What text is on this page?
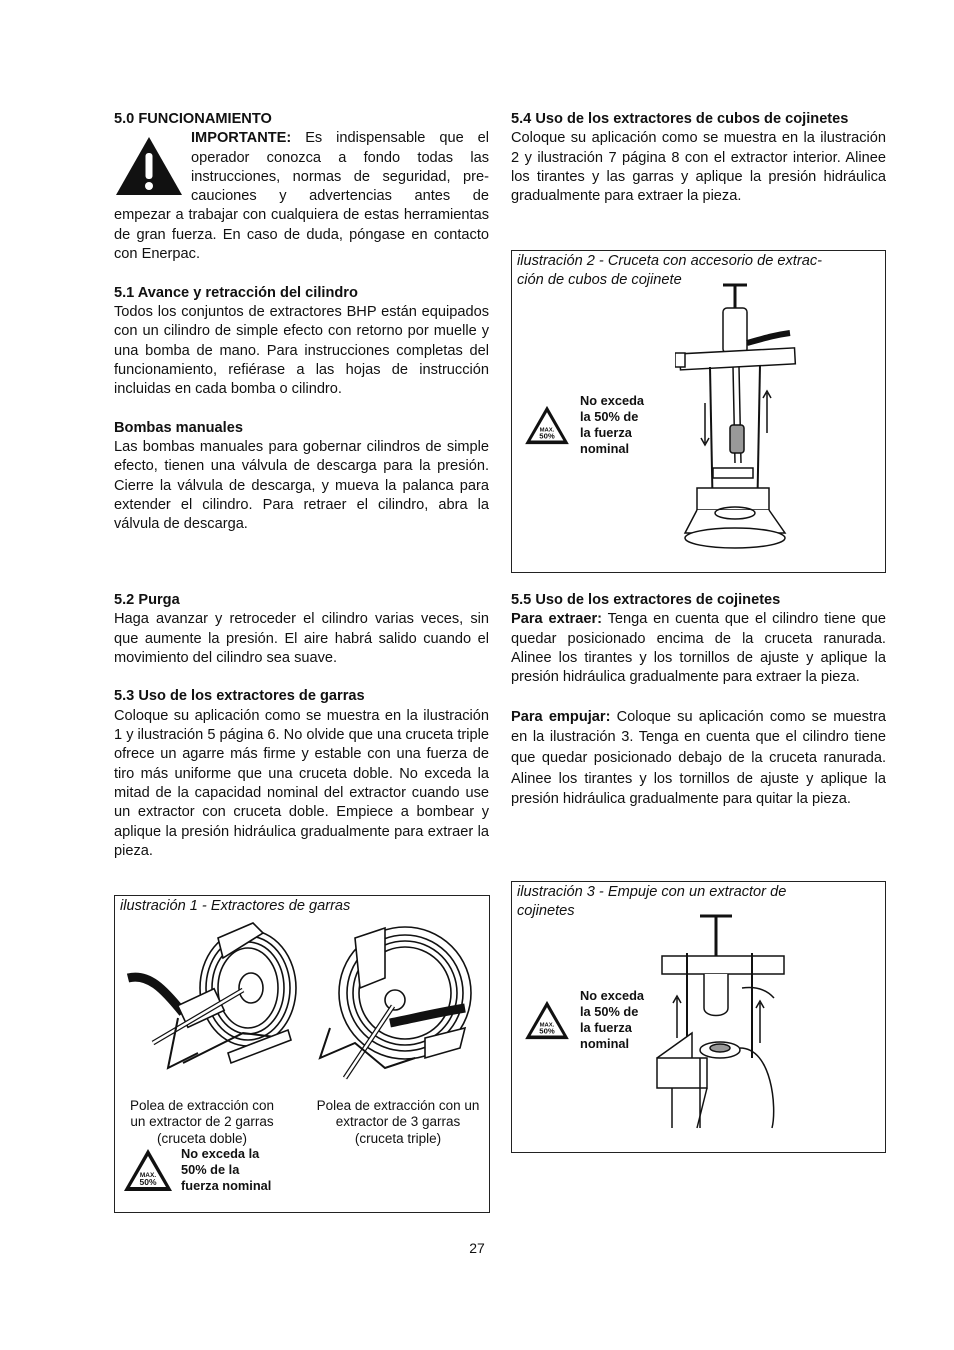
5.0 FUNCIONAMIENTO

IMPORTANTE: Es indispensable que el

operador conozca a fondo todas las

instrucciones, normas de seguridad, pre-

cauciones y advertencias antes de

empezar a trabajar con cualquiera de estas herramientas de gran fuerza. En caso de duda, póngase en contacto con Enerpac.

5.1 Avance y retracción del cilindro

Todos los conjuntos de extractores BHP están equipados con un cilindro de simple efecto con retorno por muelle y una bomba de mano. Para instrucciones completas del funcionamiento, refiérase a las hojas de instrucción incluidas en cada bomba o cilindro.

Bombas manuales

Las bombas manuales para gobernar cilindros de simple efecto, tienen una válvula de descarga para la presión. Cierre la válvula de descarga, y mueva la palanca para extender el cilindro. Para retraer el cilindro, abra la válvula de descarga.

5.2 Purga

Haga avanzar y retroceder el cilindro varias veces, sin que aumente la presión. El aire habrá salido cuando el movimiento del cilindro sea suave.

5.3 Uso de los extractores de garras

Coloque su aplicación como se muestra en la ilustración 1 y ilustración 5 página 6. No olvide que una cruceta triple ofrece un agarre más firme y estable con una fuerza de tiro más uniforme que una cruceta doble. No exceda la mitad de la capacidad nominal del extractor cuando use un extractor con cruceta doble. Empiece a bombear y aplique la presión hidráulica gradualmente para extraer la pieza.

ilustración 1 - Extractores de garras
Polea de extracción con un extractor de 2 garras (cruceta doble)
Polea de extracción con un extractor de 3 garras (cruceta triple)
MAX.
50%
No exceda la
50% de la
fuerza nominal

5.4 Uso de los extractores de cubos de cojinetes

Coloque su aplicación como se muestra en la ilustración 2 y ilustración 7 página 8 con el extractor interior. Alinee los tirantes y las garras y aplique la presión hidráulica gradualmente para extraer la pieza.

ilustración 2 - Cruceta con accesorio de extrac-
ción de cubos de cojinete
MAX.
50%
No exceda
la 50% de
la fuerza
nominal

5.5 Uso de los extractores de cojinetes

Para extraer: Tenga en cuenta que el cilindro tiene que quedar posicionado encima de la cruceta ranurada. Alinee los tirantes y los tornillos de ajuste y aplique la presión hidráulica gradualmente para extraer la pieza.

Para empujar: Coloque su aplicación como se muestra en la ilustración 3. Tenga en cuenta que el cilindro tiene que quedar posicionado debajo de la cruceta ranurada. Alinee los tirantes y los tornillos de ajuste y aplique la presión hidráulica gradualmente para quitar la pieza.

ilustración 3 - Empuje con un extractor de
cojinetes
MAX.
50%
No exceda
la 50% de
la fuerza
nominal
27
